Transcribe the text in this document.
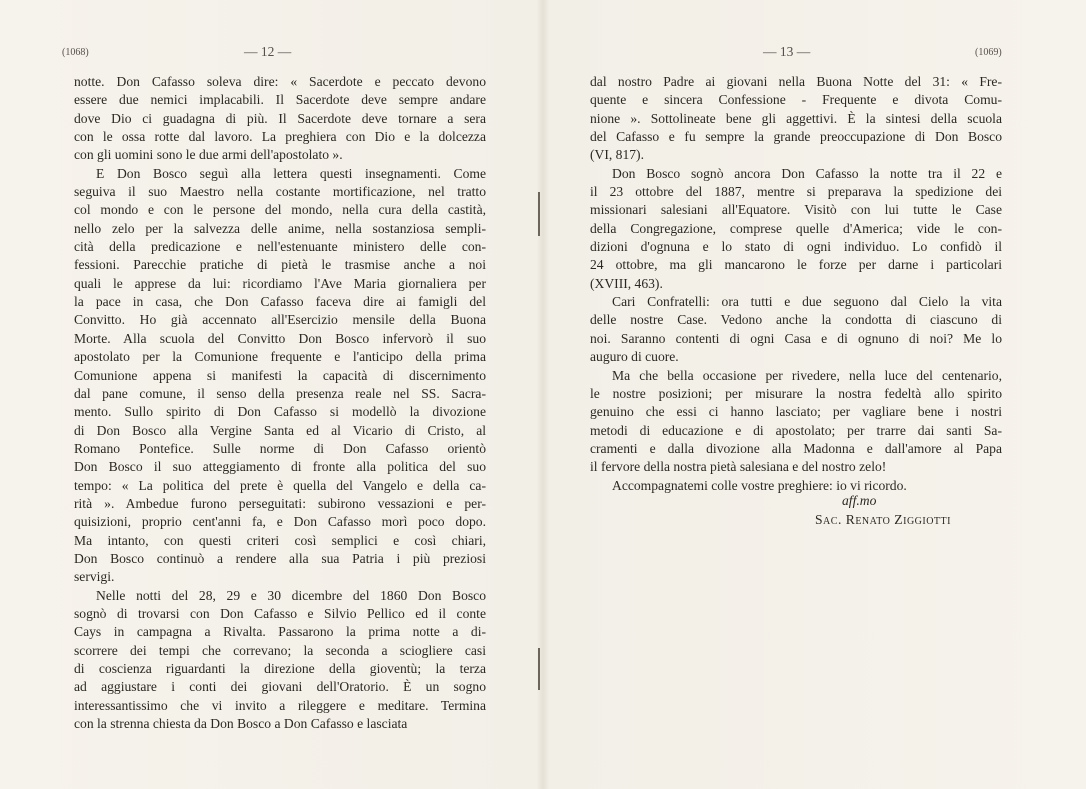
(1068)	— 12 —
notte. Don Cafasso soleva dire: « Sacerdote e peccato devono
essere due nemici implacabili. Il Sacerdote deve sempre andare
dove Dio ci guadagna di più. Il Sacerdote deve tornare a sera
con le ossa rotte dal lavoro. La preghiera con Dio e la dolcezza
con gli uomini sono le due armi dell'apostolato ».
E Don Bosco seguì alla lettera questi insegnamenti. Come
seguiva il suo Maestro nella costante mortificazione, nel tratto
col mondo e con le persone del mondo, nella cura della castità,
nello zelo per la salvezza delle anime, nella sostanziosa sempli-
cità della predicazione e nell'estenuante ministero delle con-
fessioni. Parecchie pratiche di pietà le trasmise anche a noi
quali le apprese da lui: ricordiamo l'Ave Maria giornaliera per
la pace in casa, che Don Cafasso faceva dire ai famigli del
Convitto. Ho già accennato all'Esercizio mensile della Buona
Morte. Alla scuola del Convitto Don Bosco infervorò il suo
apostolato per la Comunione frequente e l'anticipo della prima
Comunione appena si manifesti la capacità di discernimento
dal pane comune, il senso della presenza reale nel SS. Sacra-
mento. Sullo spirito di Don Cafasso si modellò la divozione
di Don Bosco alla Vergine Santa ed al Vicario di Cristo, al
Romano Pontefice. Sulle norme di Don Cafasso orientò
Don Bosco il suo atteggiamento di fronte alla politica del suo
tempo: « La politica del prete è quella del Vangelo e della ca-
rità ». Ambedue furono perseguitati: subirono vessazioni e per-
quisizioni, proprio cent'anni fa, e Don Cafasso morì poco dopo.
Ma intanto, con questi criteri così semplici e così chiari,
Don Bosco continuò a rendere alla sua Patria i più preziosi
servigi.
Nelle notti del 28, 29 e 30 dicembre del 1860 Don Bosco
sognò di trovarsi con Don Cafasso e Silvio Pellico ed il conte
Cays in campagna a Rivalta. Passarono la prima notte a di-
scorrere dei tempi che correvano; la seconda a sciogliere casi
di coscienza riguardanti la direzione della gioventù; la terza
ad aggiustare i conti dei giovani dell'Oratorio. È un sogno
interessantissimo che vi invito a rileggere e meditare. Termina
con la strenna chiesta da Don Bosco a Don Cafasso e lasciata
— 13 —	(1069)
dal nostro Padre ai giovani nella Buona Notte del 31: « Fre-
quente e sincera Confessione - Frequente e divota Comu-
nione ». Sottolineate bene gli aggettivi. È la sintesi della scuola
del Cafasso e fu sempre la grande preoccupazione di Don Bosco
(VI, 817).
Don Bosco sognò ancora Don Cafasso la notte tra il 22 e
il 23 ottobre del 1887, mentre si preparava la spedizione dei
missionari salesiani all'Equatore. Visitò con lui tutte le Case
della Congregazione, comprese quelle d'America; vide le con-
dizioni d'ognuna e lo stato di ogni individuo. Lo confidò il
24 ottobre, ma gli mancarono le forze per darne i particolari
(XVIII, 463).
Cari Confratelli: ora tutti e due seguono dal Cielo la vita
delle nostre Case. Vedono anche la condotta di ciascuno di
noi. Saranno contenti di ogni Casa e di ognuno di noi? Me lo
auguro di cuore.
Ma che bella occasione per rivedere, nella luce del centenario,
le nostre posizioni; per misurare la nostra fedeltà allo spirito
genuino che essi ci hanno lasciato; per vagliare bene i nostri
metodi di educazione e di apostolato; per trarre dai santi Sa-
cramenti e dalla divozione alla Madonna e dall'amore al Papa
il fervore della nostra pietà salesiana e del nostro zelo!
Accompagnatemi colle vostre preghiere: io vi ricordo.
aff.mo
Sac. Renato Ziggiotti
